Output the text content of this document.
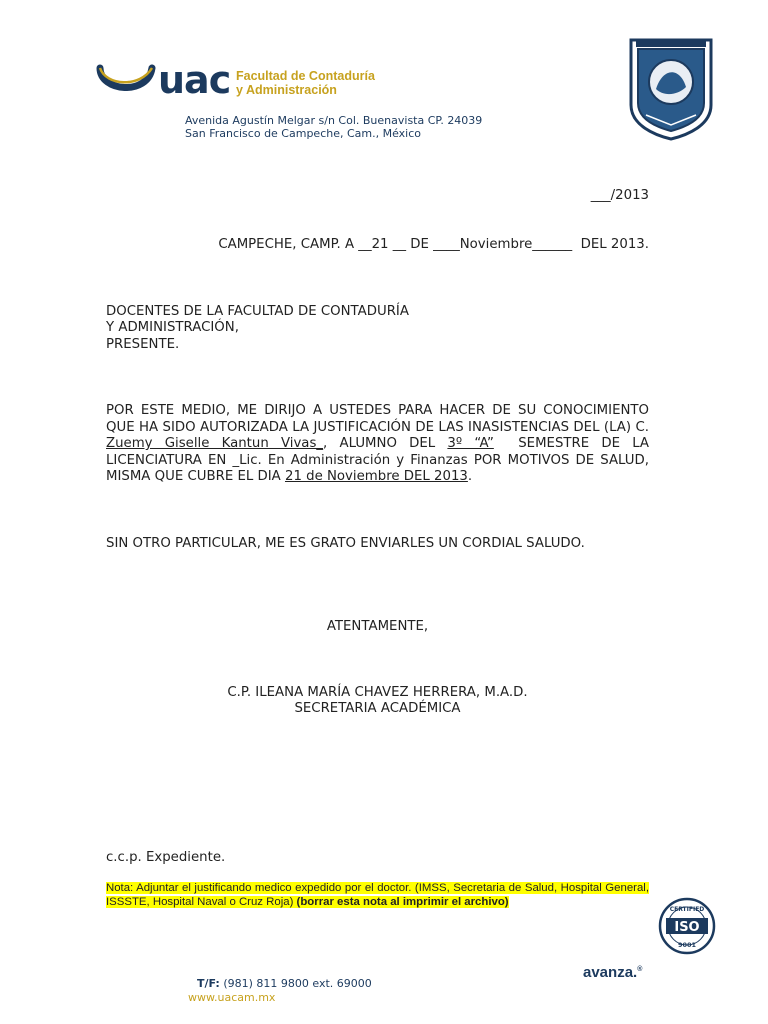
uac Facultad de Contaduría
y Administración
Avenida Agustín Melgar s/n Col. Buenavista CP. 24039
San Francisco de Campeche, Cam., México
___/2013
CAMPECHE, CAMP. A __21 __ DE ____Noviembre______  DEL 2013.
DOCENTES DE LA FACULTAD DE CONTADURÍA
Y ADMINISTRACIÓN,
PRESENTE.
POR ESTE MEDIO, ME DIRIJO A USTEDES PARA HACER DE SU CONOCIMIENTO QUE HA SIDO AUTORIZADA LA JUSTIFICACIÓN DE LAS INASISTENCIAS DEL (LA) C. Zuemy Giselle Kantun Vivas_, ALUMNO DEL 3º “A”  SEMESTRE DE LA LICENCIATURA EN _Lic. En Administración y Finanzas POR MOTIVOS DE SALUD, MISMA QUE CUBRE EL DIA 21 de Noviembre DEL 2013.
SIN OTRO PARTICULAR, ME ES GRATO ENVIARLES UN CORDIAL SALUDO.
ATENTAMENTE,
C.P. ILEANA MARÍA CHAVEZ HERRERA, M.A.D.
SECRETARIA ACADÉMICA
c.c.p. Expediente.
Nota: Adjuntar el justificando medico expedido por el doctor. (IMSS, Secretaria de Salud, Hospital General, ISSSTE, Hospital Naval o Cruz Roja) (borrar esta nota al imprimir el archivo)
ISO
CERTIFIED
9001
T/F: (981) 811 9800 ext. 69000
www.uacam.mx
avanza.®
